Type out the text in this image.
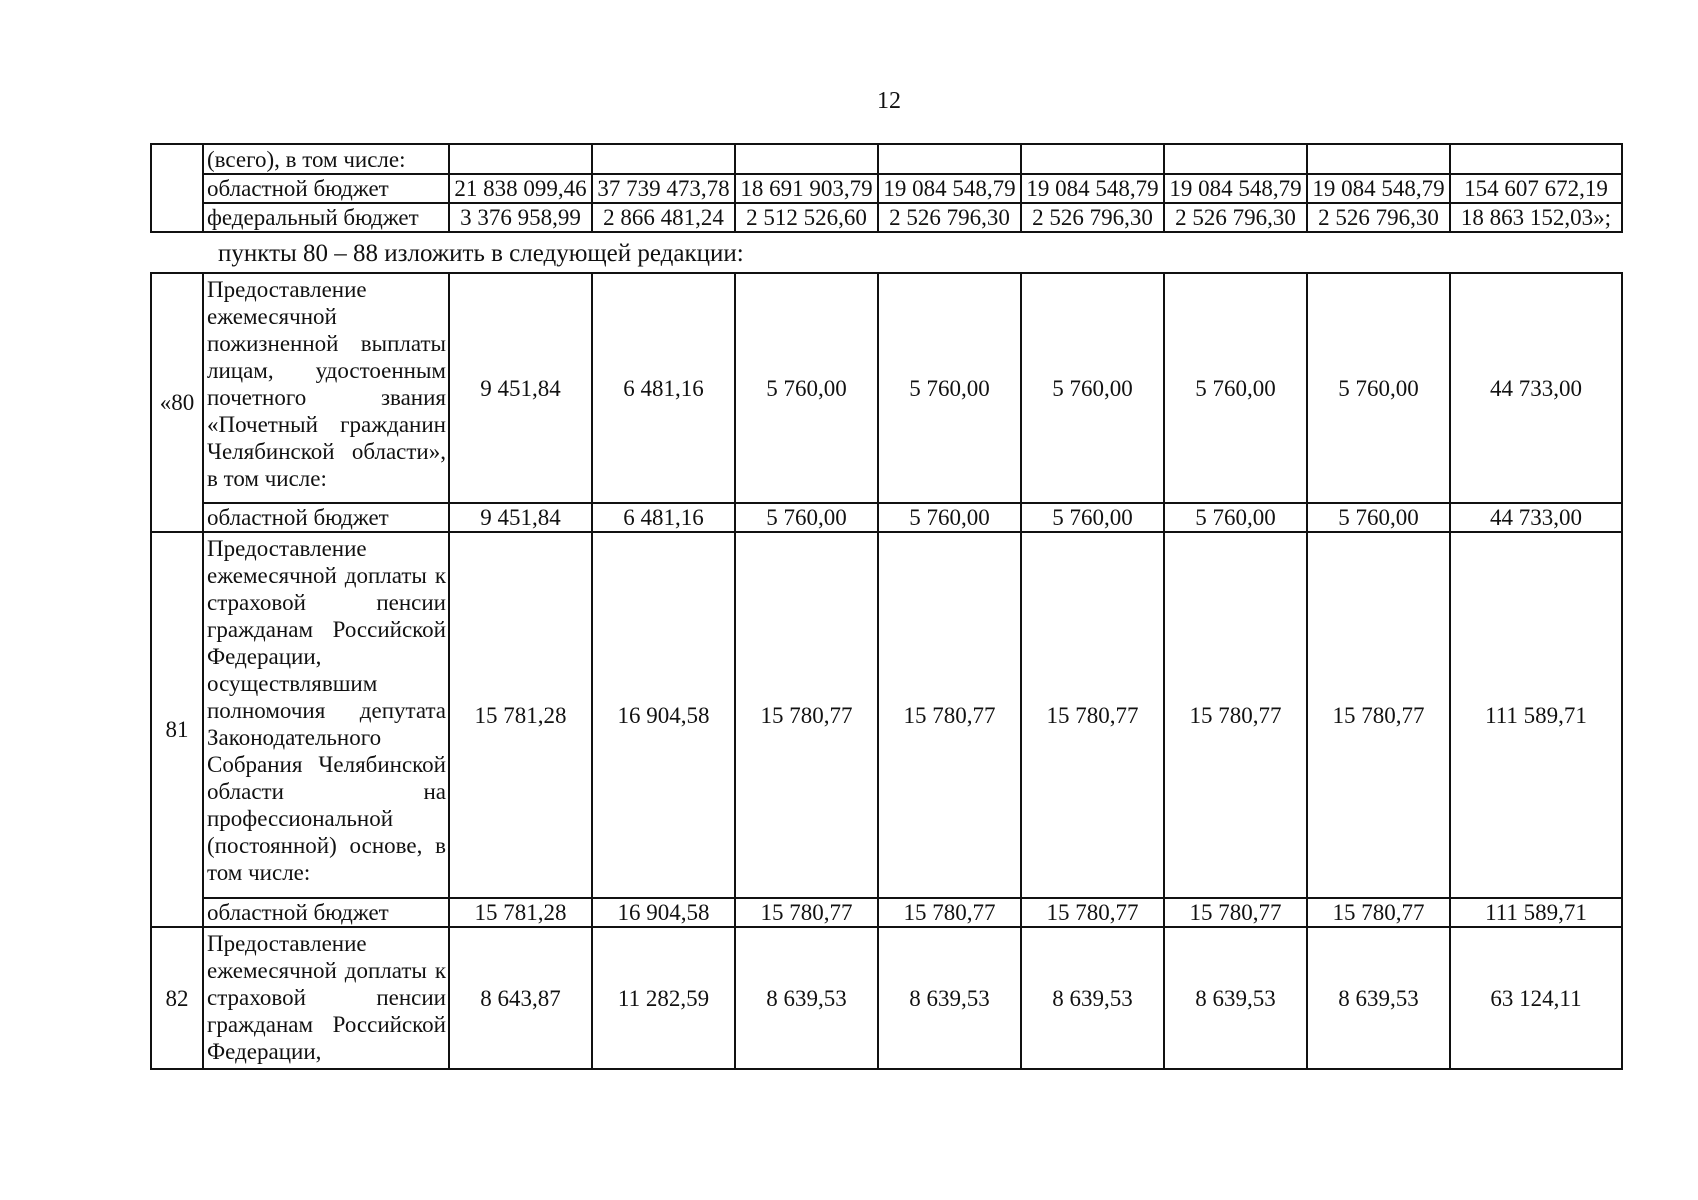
12
	(всего), в том числе:								
	областной бюджет	21 838 099,46	37 739 473,78	18 691 903,79	19 084 548,79	19 084 548,79	19 084 548,79	19 084 548,79	154 607 672,19
	федеральный бюджет	3 376 958,99	2 866 481,24	2 512 526,60	2 526 796,30	2 526 796,30	2 526 796,30	2 526 796,30	18 863 152,03»;
пункты 80 – 88 изложить в следующей редакции:
«80	Предоставление ежемесячной пожизненной выплаты лицам, удостоенным почетного звания «Почетный гражданин Челябинской области», в том числе:	9 451,84	6 481,16	5 760,00	5 760,00	5 760,00	5 760,00	5 760,00	44 733,00
	областной бюджет	9 451,84	6 481,16	5 760,00	5 760,00	5 760,00	5 760,00	5 760,00	44 733,00
81	Предоставление ежемесячной доплаты к страховой пенсии гражданам Российской Федерации, осуществлявшим полномочия депутата Законодательного Собрания Челябинской области на профессиональной (постоянной) основе, в том числе:	15 781,28	16 904,58	15 780,77	15 780,77	15 780,77	15 780,77	15 780,77	111 589,71
	областной бюджет	15 781,28	16 904,58	15 780,77	15 780,77	15 780,77	15 780,77	15 780,77	111 589,71
82	Предоставление ежемесячной доплаты к страховой пенсии гражданам Российской Федерации,	8 643,87	11 282,59	8 639,53	8 639,53	8 639,53	8 639,53	8 639,53	63 124,11
